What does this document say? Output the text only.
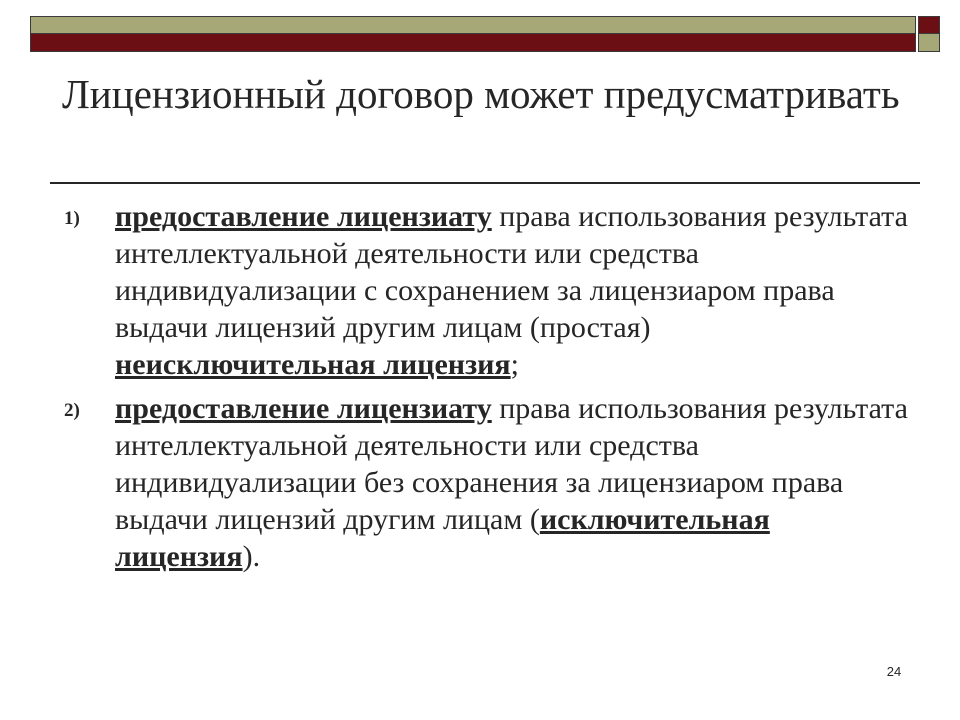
Лицензионный договор может предусматривать
1) предоставление лицензиату права использования результата интеллектуальной деятельности или средства индивидуализации с сохранением за лицензиаром права выдачи лицензий другим лицам (простая) неисключительная лицензия;
2) предоставление лицензиату права использования результата интеллектуальной деятельности или средства индивидуализации без сохранения за лицензиаром права выдачи лицензий другим лицам (исключительная лицензия).
24
